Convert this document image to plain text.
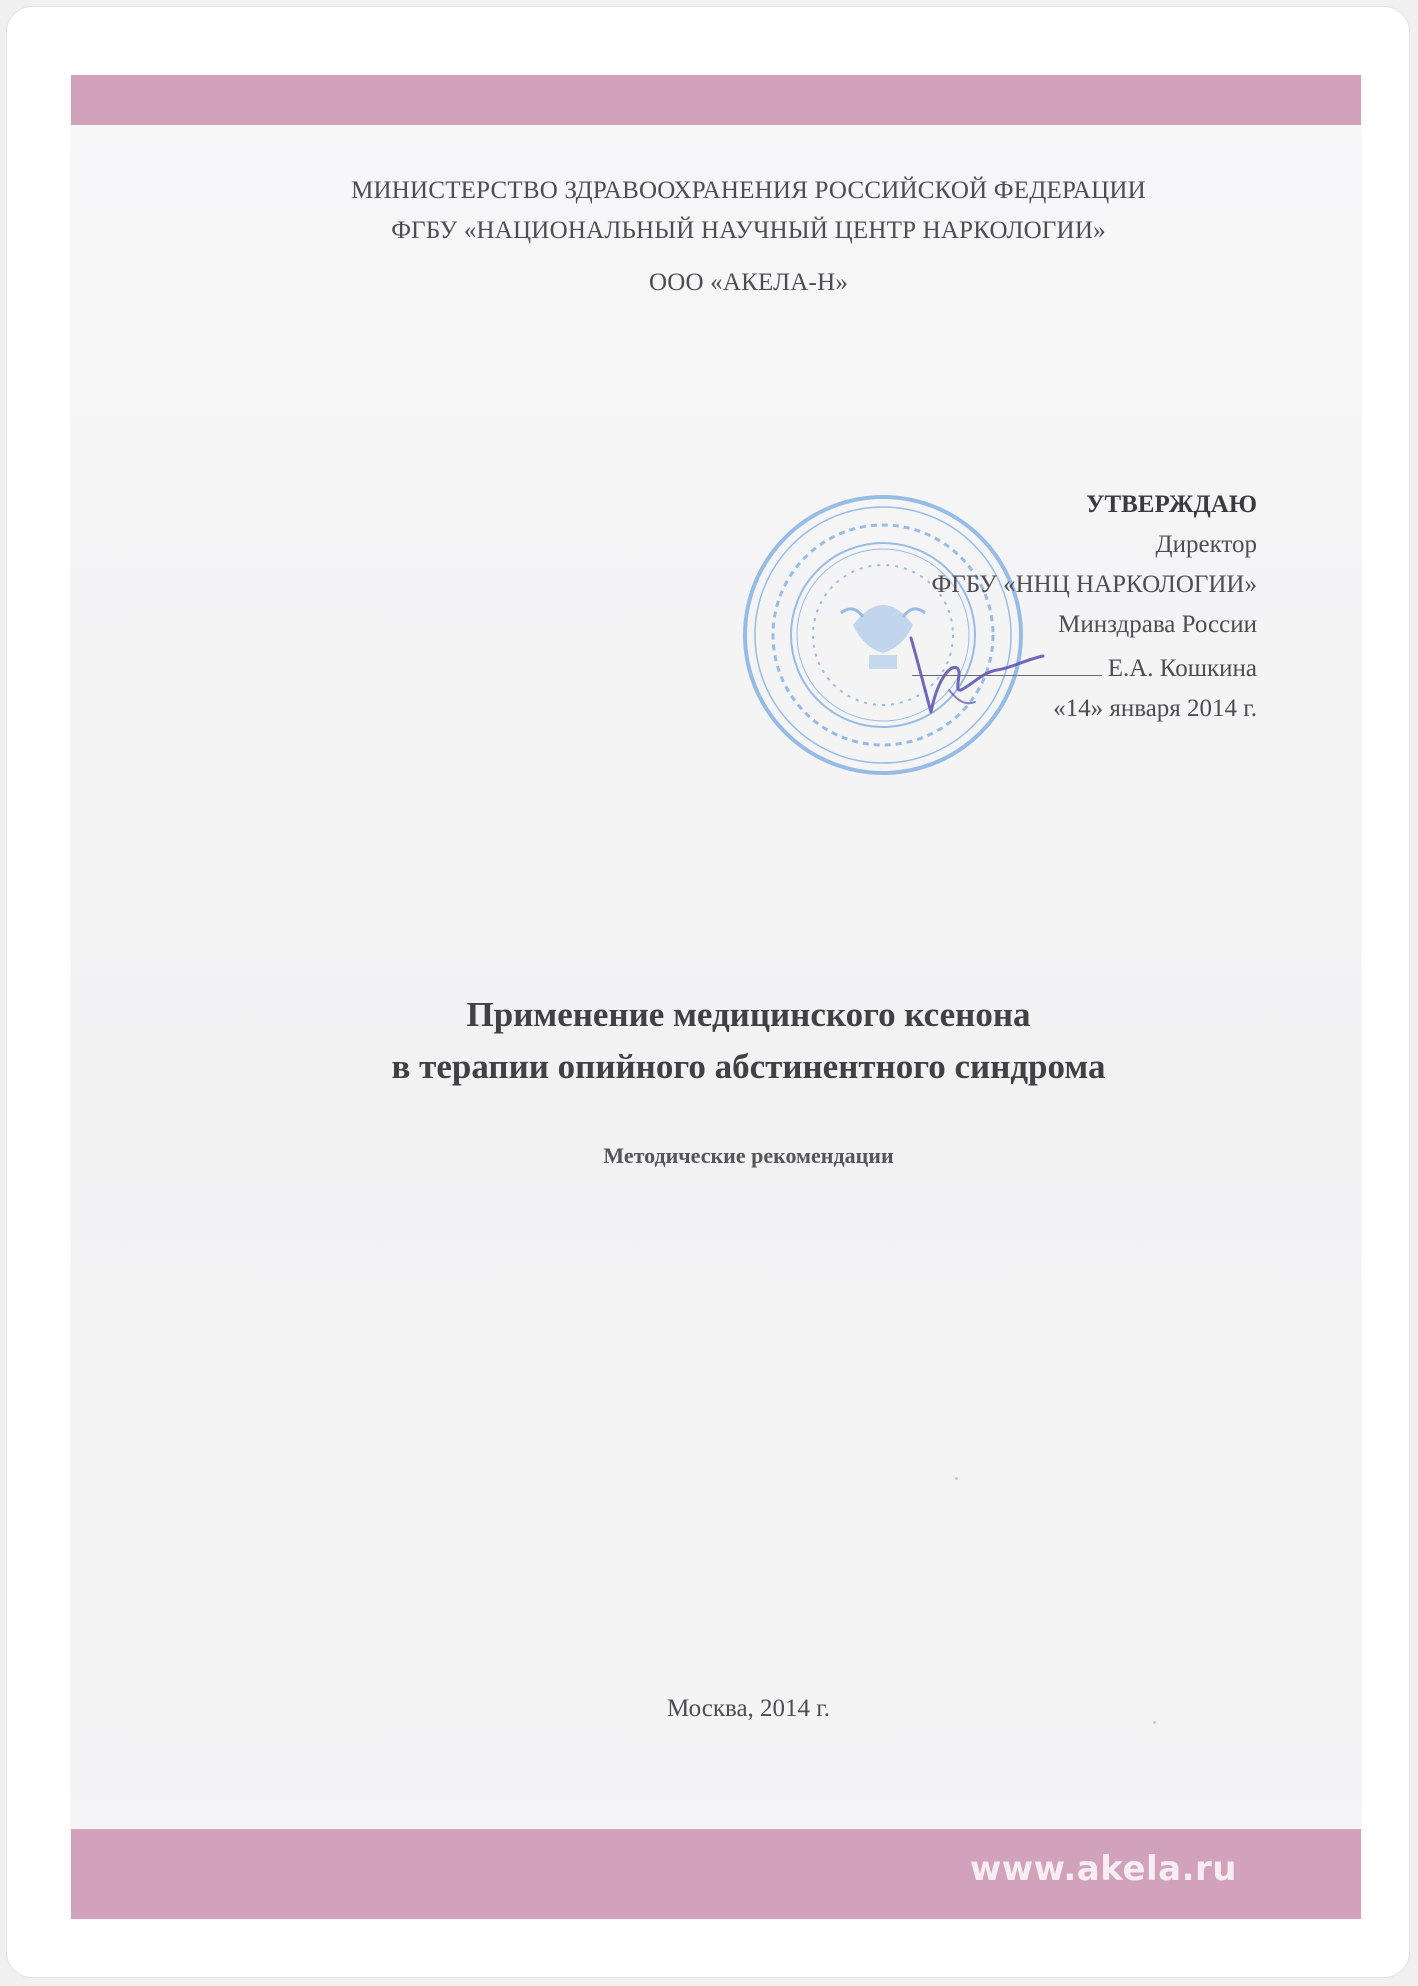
МИНИСТЕРСТВО ЗДРАВООХРАНЕНИЯ РОССИЙСКОЙ ФЕДЕРАЦИИ
ФГБУ «НАЦИОНАЛЬНЫЙ НАУЧНЫЙ ЦЕНТР НАРКОЛОГИИ»
ООО «АКЕЛА-Н»
УТВЕРЖДАЮ
Директор
ФГБУ «ННЦ НАРКОЛОГИИ»
Минздрава России
Е.А. Кошкина
«14» января 2014 г.
Применение медицинского ксенона
в терапии опийного абстинентного синдрома
Методические рекомендации
Москва, 2014 г.
www.akela.ru
